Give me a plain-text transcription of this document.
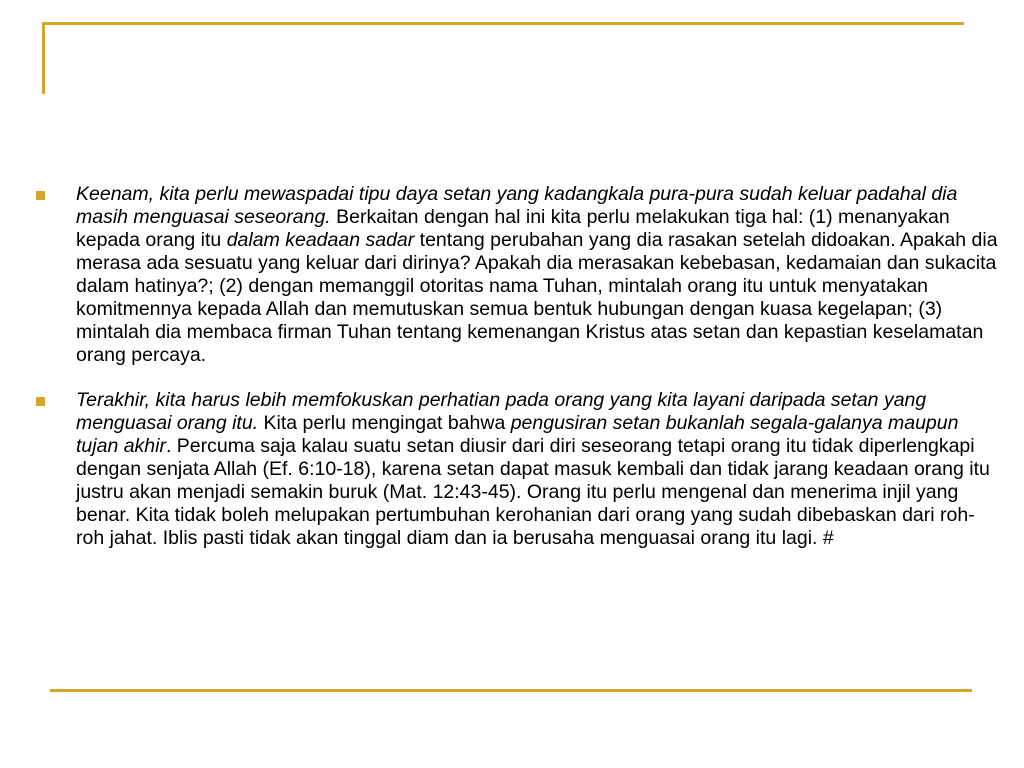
Keenam, kita perlu mewaspadai tipu daya setan yang kadangkala pura-pura sudah keluar padahal dia masih menguasai seseorang. Berkaitan dengan hal ini kita perlu melakukan tiga hal: (1) menanyakan kepada orang itu dalam keadaan sadar tentang perubahan yang dia rasakan setelah didoakan. Apakah dia merasa ada sesuatu yang keluar dari dirinya? Apakah dia merasakan kebebasan, kedamaian dan sukacita dalam hatinya?; (2) dengan memanggil otoritas nama Tuhan, mintalah orang itu untuk menyatakan komitmennya kepada Allah dan memutuskan semua bentuk hubungan dengan kuasa kegelapan; (3) mintalah dia membaca firman Tuhan tentang kemenangan Kristus atas setan dan kepastian keselamatan orang percaya.
Terakhir, kita harus lebih memfokuskan perhatian pada orang yang kita layani daripada setan yang menguasai orang itu. Kita perlu mengingat bahwa pengusiran setan bukanlah segala-galanya maupun tujan akhir. Percuma saja kalau suatu setan diusir dari diri seseorang tetapi orang itu tidak diperlengkapi dengan senjata Allah (Ef. 6:10-18), karena setan dapat masuk kembali dan tidak jarang keadaan orang itu justru akan menjadi semakin buruk (Mat. 12:43-45). Orang itu perlu mengenal dan menerima injil yang benar. Kita tidak boleh melupakan pertumbuhan kerohanian dari orang yang sudah dibebaskan dari roh-roh jahat. Iblis pasti tidak akan tinggal diam dan ia berusaha menguasai orang itu lagi. #
